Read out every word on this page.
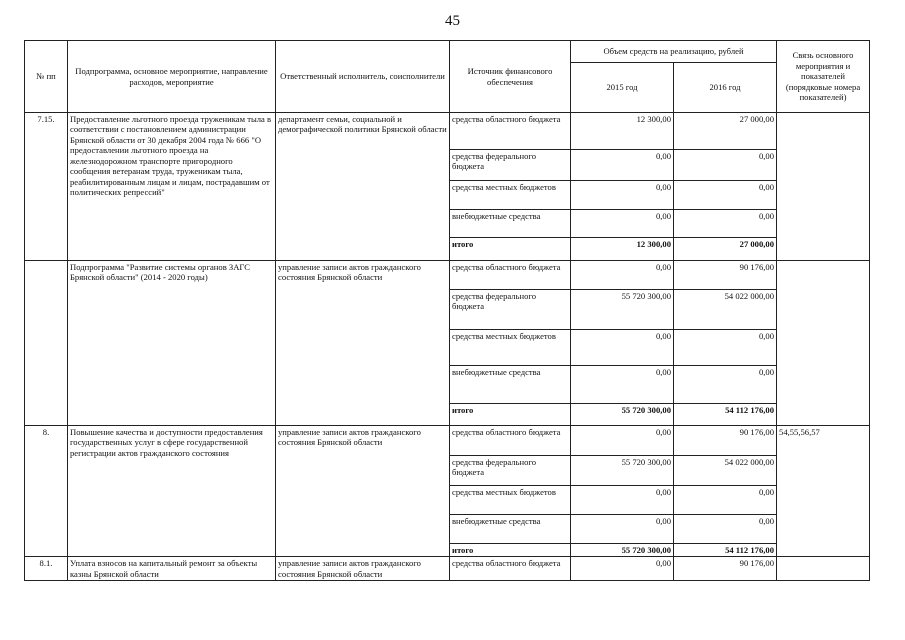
45
№ пп	Подпрограмма, основное мероприятие, направление расходов, мероприятие	Ответственный исполнитель, соисполнители	Источник финансового обеспечения	Объем средств на реализацию, рублей		Связь основного мероприятия и показателей (порядковые номера показателей)
				2015 год	2016 год	
7.15.	Предоставление льготного проезда труженикам тыла в соответствии с постановлением администрации Брянской области от 30 декабря 2004 года № 666 "О предоставлении льготного проезда на железнодорожном транспорте пригородного сообщения ветеранам труда, труженикам тыла, реабилитированным лицам и лицам, пострадавшим от политических репрессий"	департамент семьи, социальной и демографической политики Брянской области	средства областного бюджета	12 300,00	27 000,00	
			средства федерального бюджета	0,00	0,00	
			средства местных бюджетов	0,00	0,00	
			внебюджетные средства	0,00	0,00	
			итого	12 300,00	27 000,00	
	Подпрограмма "Развитие системы органов ЗАГС Брянской области" (2014 - 2020 годы)	управление записи актов гражданского состояния Брянской области	средства областного бюджета	0,00	90 176,00	
			средства федерального бюджета	55 720 300,00	54 022 000,00	
			средства местных бюджетов	0,00	0,00	
			внебюджетные средства	0,00	0,00	
			итого	55 720 300,00	54 112 176,00	
8.	Повышение качества и доступности предоставления государственных услуг в сфере государственной регистрации актов гражданского состояния	управление записи актов гражданского состояния Брянской области	средства областного бюджета	0,00	90 176,00	54,55,56,57
			средства федерального бюджета	55 720 300,00	54 022 000,00	
			средства местных бюджетов	0,00	0,00	
			внебюджетные средства	0,00	0,00	
			итого	55 720 300,00	54 112 176,00	
8.1.	Уплата взносов на капитальный ремонт за объекты казны Брянской области	управление записи актов гражданского состояния Брянской области	средства областного бюджета	0,00	90 176,00	
